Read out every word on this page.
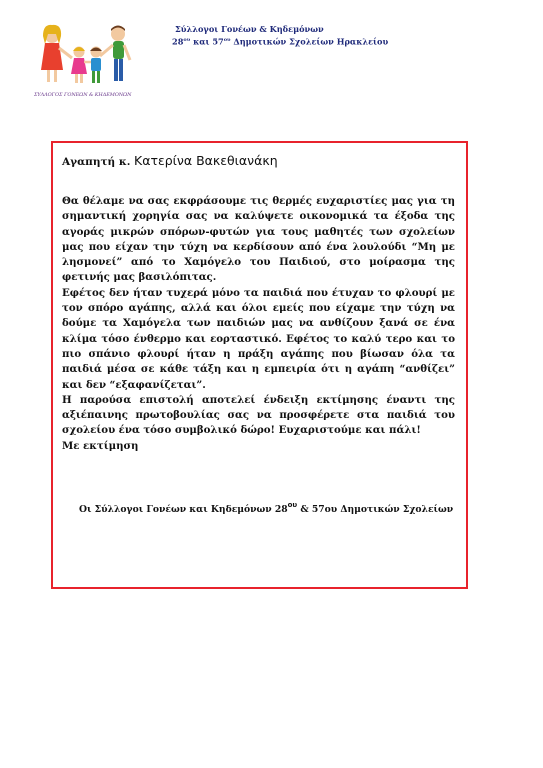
ΣΥΛΛΟΓΟΣ ΓΟΝΕΩΝ & ΚΗΔΕΜΟΝΩΝ
Σύλλογοι Γονέων & Κηδεμόνων
$28^{o\upsilon}$ και $57^{o\upsilon}$ Δημοτικών Σχολείων Ηρακλείου
Αγαπητή κ. Κατερίνα Βακεθιανάκη

Θα θέλαμε να σας εκφράσουμε τις θερμές ευχαριστίες μας για τη σημαντική χορηγία σας να καλύψετε οικονομικά τα έξοδα της αγοράς μικρών σπόρων-φυτών για τους μαθητές των σχολείων μας που είχαν την τύχη να κερδίσουν από ένα λουλούδι “Μη με λησμονεί” από το Χαμόγελο του Παιδιού, στο μοίρασμα της φετινής μας βασιλόπιτας.

Εφέτος δεν ήταν τυχερά μόνο τα παιδιά που έτυχαν το φλουρί με τον σπόρο αγάπης, αλλά και όλοι εμείς που είχαμε την τύχη να δούμε τα Χαμόγελα των παιδιών μας να ανθίζουν ξανά σε ένα κλίμα τόσο ένθερμο και εορταστικό. Εφέτος το καλύ τερο και το πιο σπάνιο φλουρί ήταν η πράξη αγάπης που βίωσαν όλα τα παιδιά μέσα σε κάθε τάξη και η εμπειρία ότι η αγάπη “ανθίζει” και δεν “εξαφανίζεται”.

Η παρούσα επιστολή αποτελεί ένδειξη εκτίμησης έναντι της αξιέπαινης πρωτοβουλίας σας να προσφέρετε στα παιδιά του σχολείου ένα τόσο συμβολικό δώρο! Ευχαριστούμε και πάλι!

Με εκτίμηση

Οι Σύλλογοι Γονέων και Κηδεμόνων $28^{o\upsilon}$ & 57ου Δημοτικών Σχολείων
